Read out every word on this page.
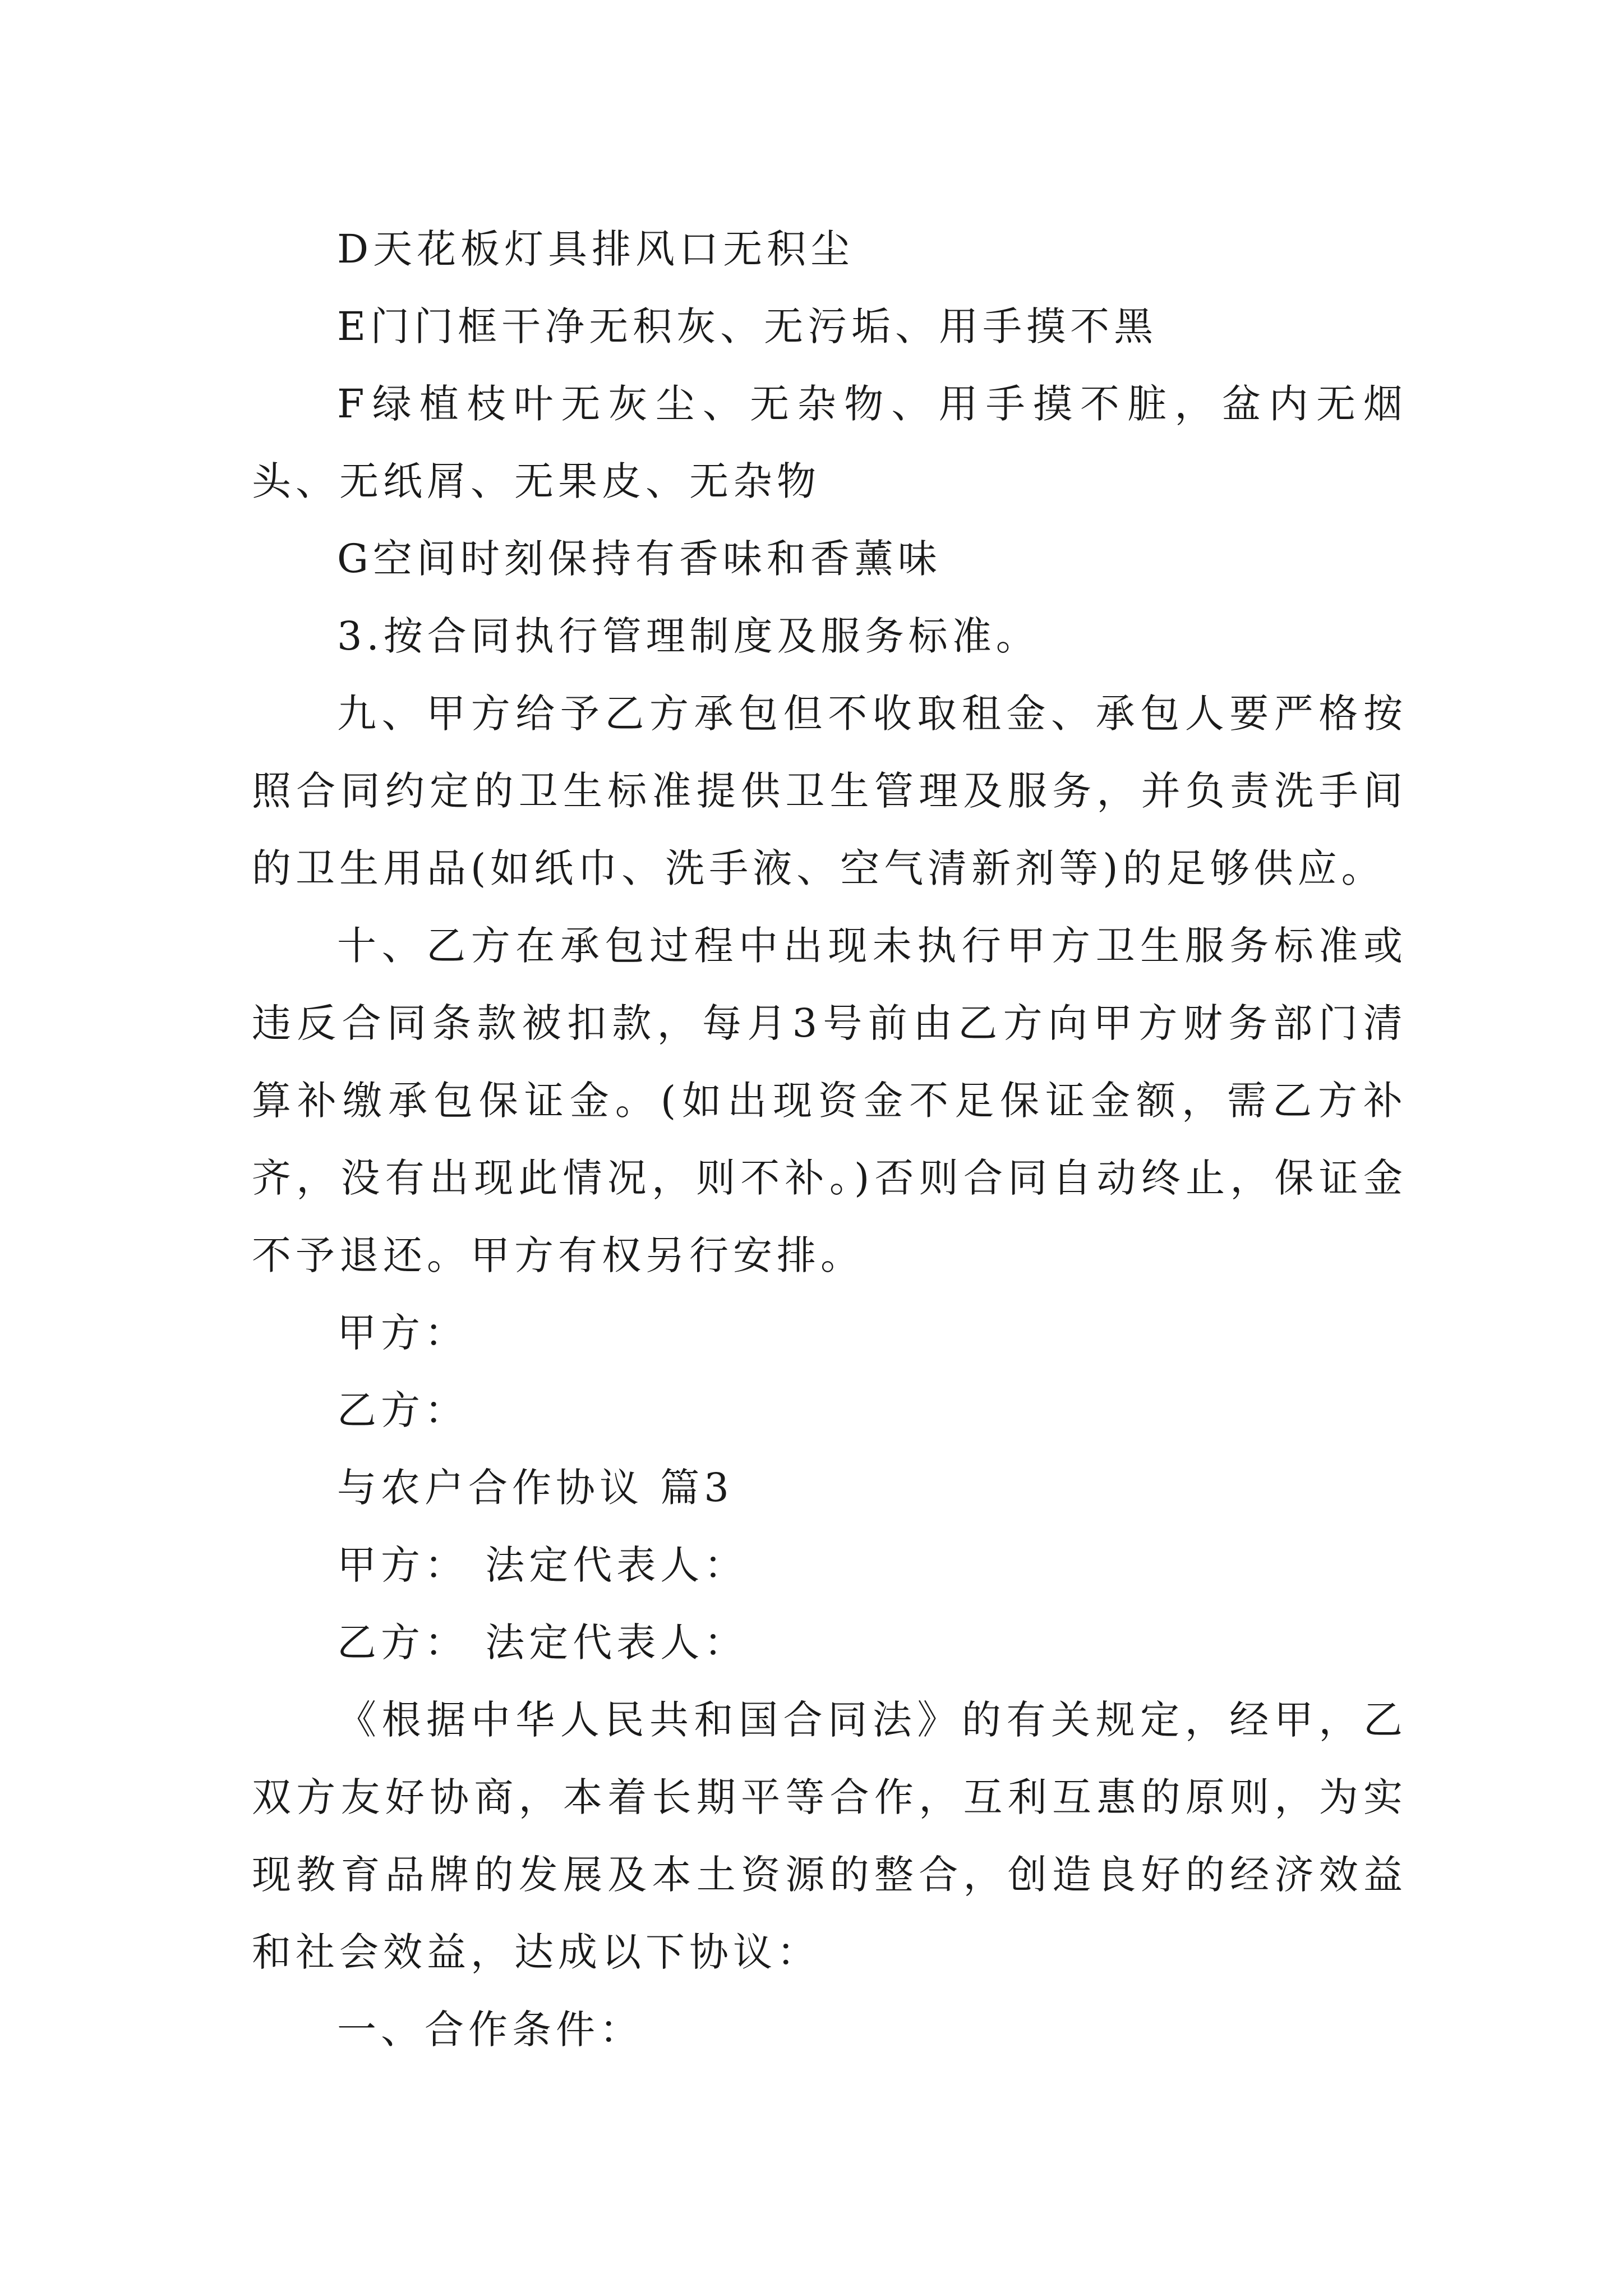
D天花板灯具排风口无积尘

E门门框干净无积灰、无污垢、用手摸不黑

F绿植枝叶无灰尘、无杂物、用手摸不脏，盆内无烟头、无纸屑、无果皮、无杂物

G空间时刻保持有香味和香薰味

3.按合同执行管理制度及服务标准。

九、甲方给予乙方承包但不收取租金、承包人要严格按照合同约定的卫生标准提供卫生管理及服务，并负责洗手间的卫生用品(如纸巾、洗手液、空气清新剂等)的足够供应。

十、乙方在承包过程中出现未执行甲方卫生服务标准或违反合同条款被扣款，每月3号前由乙方向甲方财务部门清算补缴承包保证金。(如出现资金不足保证金额，需乙方补齐，没有出现此情况，则不补。)否则合同自动终止，保证金不予退还。甲方有权另行安排。

甲方：

乙方：

与农户合作协议 篇3

甲方： 法定代表人：

乙方： 法定代表人：

《根据中华人民共和国合同法》的有关规定，经甲，乙双方友好协商，本着长期平等合作，互利互惠的原则，为实现教育品牌的发展及本土资源的整合，创造良好的经济效益和社会效益，达成以下协议：

一、合作条件：
